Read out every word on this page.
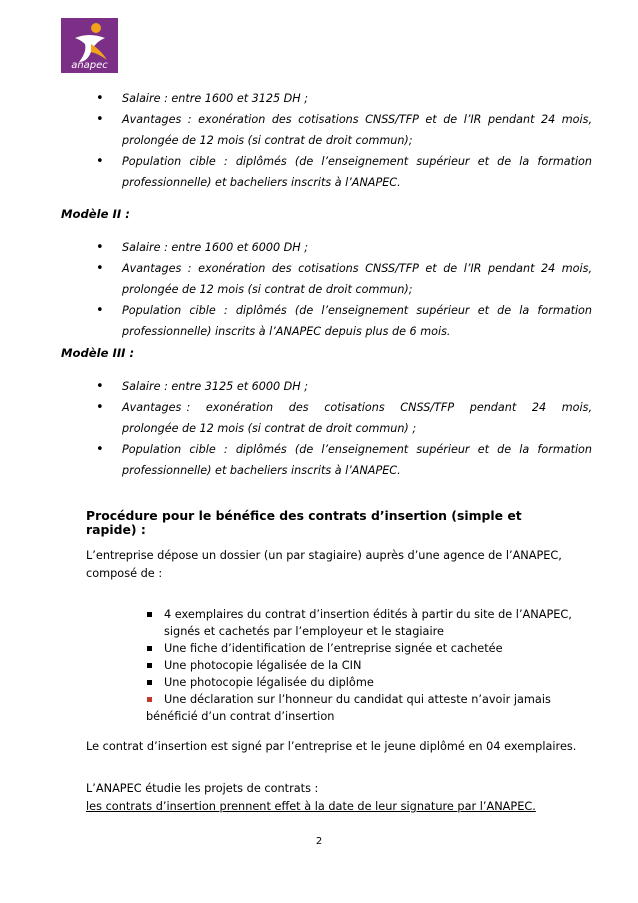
anapec
• Salaire : entre 1600 et 3125 DH ;
• Avantages : exonération des cotisations CNSS/TFP et de l’IR pendant 24 mois,
prolongée de 12 mois (si contrat de droit commun);
• Population cible : diplômés (de l’enseignement supérieur et de la formation
professionnelle) et bacheliers inscrits à l’ANAPEC.
Modèle II :
• Salaire : entre 1600 et 6000 DH ;
• Avantages : exonération des cotisations CNSS/TFP et de l’IR pendant 24 mois,
prolongée de 12 mois (si contrat de droit commun);
• Population cible : diplômés (de l’enseignement supérieur et de la formation
professionnelle) inscrits à l’ANAPEC depuis plus de 6 mois.
Modèle III :
• Salaire : entre 3125 et 6000 DH ;
• Avantages :   exonération   des   cotisations   CNSS/TFP   pendant   24   mois,
prolongée de 12 mois (si contrat de droit commun) ;
• Population cible : diplômés (de l’enseignement supérieur et de la formation
professionnelle) et bacheliers inscrits à l’ANAPEC.
Procédure pour le bénéfice des contrats d’insertion (simple et rapide) :
L’entreprise dépose un dossier (un par stagiaire) auprès d’une agence de l’ANAPEC, composé de :
4 exemplaires du contrat d’insertion édités à partir du site de l’ANAPEC, signés et cachetés par l’employeur et le stagiaire
Une fiche d’identification de l’entreprise signée et cachetée
Une photocopie légalisée de la CIN
Une photocopie légalisée du diplôme
Une déclaration sur l’honneur du candidat qui atteste n’avoir jamais
bénéficié d’un contrat d’insertion
Le contrat d’insertion est signé par l’entreprise et le jeune diplômé en 04 exemplaires.
L’ANAPEC étudie les projets de contrats :
les contrats d’insertion prennent effet à la date de leur signature par l’ANAPEC.
2
